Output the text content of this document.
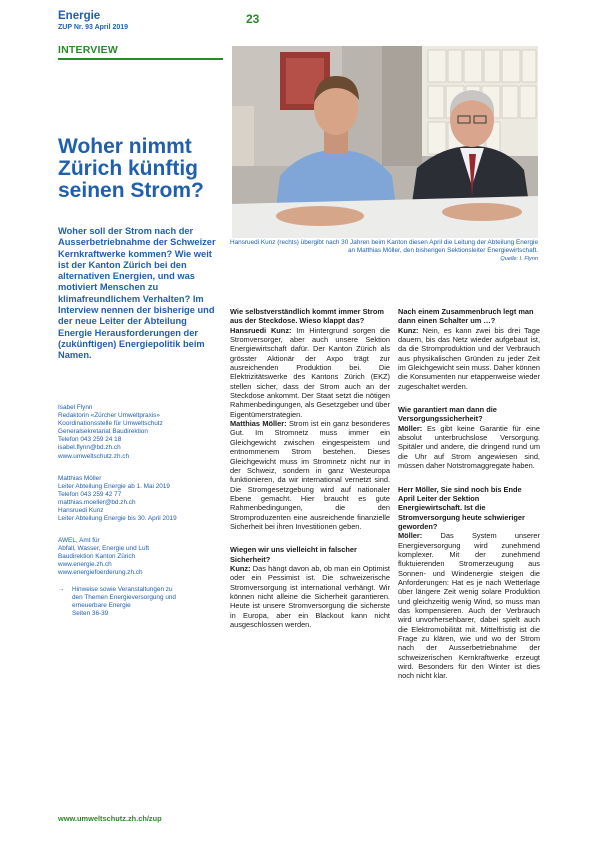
Energie
ZUP Nr. 93 April 2019
23
INTERVIEW
Woher nimmt Zürich künftig seinen Strom?

Woher soll der Strom nach der Ausserbetriebnahme der Schweizer Kernkraftwerke kommen? Wie weit ist der Kanton Zürich bei den alternativen Energien, und was motiviert Menschen zu klimafreundlichem Verhalten? Im Interview nennen der bisherige und der neue Leiter der Abteilung Energie Herausforderungen der (zukünftigen) Energiepolitik beim Namen.

Isabel Flynn
Redaktorin «Zürcher Umweltpraxis»
Koordinationsstelle für Umweltschutz
Generalsekretariat Baudirektion
Telefon 043 259 24 18
isabel.flynn@bd.zh.ch
www.umweltschutz.zh.ch
Matthias Möller
Leiter Abteilung Energie ab 1. Mai 2019
Telefon 043 259 42 77
matthias.moeller@bd.zh.ch
Hansruedi Kunz
Leiter Abteilung Energie bis 30. April 2019
AWEL, Amt für
Abfall, Wasser, Energie und Luft
Baudirektion Kanton Zürich
www.energie.zh.ch
www.energiefoerderung.zh.ch
→ Hinweise sowie Veranstaltungen zu
den Themen Energieversorgung und
erneuerbare Energie
Seiten 36-39
Hansruedi Kunz (rechts) übergibt nach 30 Jahren beim Kanton diesen April die Leitung der Abteilung Energie an Matthias Möller, den bisherigen Sektionsleiter Energiewirtschaft.
Quelle: I. Flynn

Wie selbstverständlich kommt immer Strom aus der Steckdose. Wieso klappt das?
Hansruedi Kunz: Im Hintergrund sorgen die Stromversorger, aber auch unsere Sektion Energiewirtschaft dafür. Der Kanton Zürich als grösster Aktionär der Axpo trägt zur ausreichenden Produktion bei. Die Elektrizitätswerke des Kantons Zürich (EKZ) stellen sicher, dass der Strom auch an der Steckdose ankommt. Der Staat setzt die nötigen Rahmenbedingungen, als Gesetzgeber und über Eigentümerstrategien.

Matthias Möller: Strom ist ein ganz besonderes Gut. Im Stromnetz muss immer ein Gleichgewicht zwischen eingespeistem und entnommenem Strom bestehen. Dieses Gleichgewicht muss im Stromnetz nicht nur in der Schweiz, sondern in ganz Westeuropa funktionieren, da wir international vernetzt sind. Die Stromgesetzgebung wird auf nationaler Ebene gemacht. Hier braucht es gute Rahmenbedingungen, die den Stromproduzenten eine ausreichende finanzielle Sicherheit bei ihren Investitionen geben.

Wiegen wir uns vielleicht in falscher Sicherheit?
Kunz: Das hängt davon ab, ob man ein Optimist oder ein Pessimist ist. Die schweizerische Stromversorgung ist international verhängt. Wir können nicht alleine die Sicherheit garantieren. Heute ist unsere Stromversorgung die sicherste in Europa, aber ein Blackout kann nicht ausgeschlossen werden.

Nach einem Zusammenbruch legt man dann einen Schalter um …?
Kunz: Nein, es kann zwei bis drei Tage dauern, bis das Netz wieder aufgebaut ist, da die Stromproduktion und der Verbrauch aus physikalischen Gründen zu jeder Zeit im Gleichgewicht sein muss. Daher können die Konsumenten nur etappenweise wieder zugeschaltet werden.

Wie garantiert man dann die Versorgungssicherheit?
Möller: Es gibt keine Garantie für eine absolut unterbruchslose Versorgung. Spitäler und andere, die dringend rund um die Uhr auf Strom angewiesen sind, müssen daher Notstromaggregate haben.

Herr Möller, Sie sind noch bis Ende April Leiter der Sektion Energiewirtschaft. Ist die Stromversorgung heute schwieriger geworden?
Möller: Das System unserer Energieversorgung wird zunehmend komplexer. Mit der zunehmend fluktuierenden Stromerzeugung aus Sonnen- und Windenergie steigen die Anforderungen: Hat es je nach Wetterlage über längere Zeit wenig solare Produktion und gleichzeitig wenig Wind, so muss man das kompensieren. Auch der Verbrauch wird unvorhersehbarer, dabei spielt auch die Elektromobilität mit. Mittelfristig ist die Frage zu klären, wie und wo der Strom nach der Ausserbetriebnahme der schweizerischen Kernkraftwerke erzeugt wird. Besonders für den Winter ist dies noch nicht klar.

www.umweltschutz.zh.ch/zup
